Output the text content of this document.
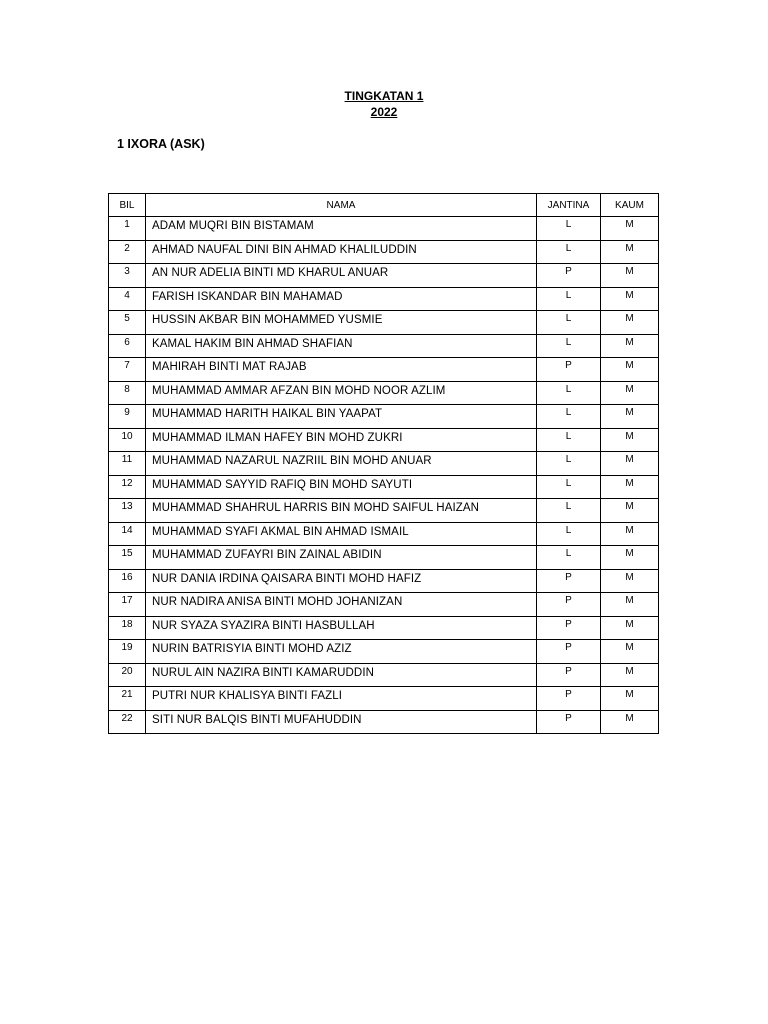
TINGKATAN 1
2022
1 IXORA (ASK)
BIL	NAMA	JANTINA	KAUM
1	ADAM MUQRI BIN BISTAMAM	L	M
2	AHMAD NAUFAL DINI BIN AHMAD KHALILUDDIN	L	M
3	AN NUR ADELIA BINTI MD KHARUL ANUAR	P	M
4	FARISH ISKANDAR BIN MAHAMAD	L	M
5	HUSSIN AKBAR BIN MOHAMMED YUSMIE	L	M
6	KAMAL HAKIM BIN AHMAD SHAFIAN	L	M
7	MAHIRAH BINTI MAT RAJAB	P	M
8	MUHAMMAD AMMAR AFZAN BIN MOHD NOOR AZLIM	L	M
9	MUHAMMAD HARITH HAIKAL BIN YAAPAT	L	M
10	MUHAMMAD ILMAN HAFEY BIN MOHD ZUKRI	L	M
11	MUHAMMAD NAZARUL NAZRIIL BIN MOHD ANUAR	L	M
12	MUHAMMAD SAYYID RAFIQ BIN MOHD SAYUTI	L	M
13	MUHAMMAD SHAHRUL HARRIS BIN MOHD SAIFUL HAIZAN	L	M
14	MUHAMMAD SYAFI AKMAL BIN AHMAD ISMAIL	L	M
15	MUHAMMAD ZUFAYRI BIN ZAINAL ABIDIN	L	M
16	NUR DANIA IRDINA QAISARA BINTI MOHD HAFIZ	P	M
17	NUR NADIRA ANISA BINTI MOHD JOHANIZAN	P	M
18	NUR SYAZA SYAZIRA BINTI HASBULLAH	P	M
19	NURIN BATRISYIA BINTI MOHD AZIZ	P	M
20	NURUL AIN NAZIRA BINTI KAMARUDDIN	P	M
21	PUTRI NUR KHALISYA BINTI FAZLI	P	M
22	SITI NUR BALQIS BINTI MUFAHUDDIN	P	M
